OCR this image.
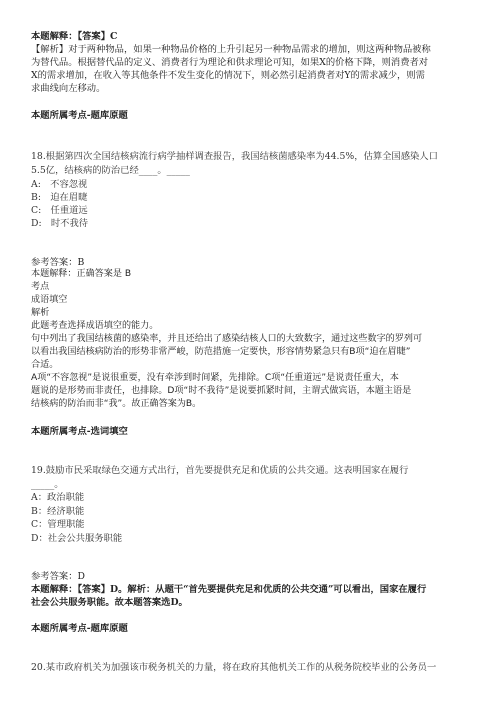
本题解释：【答案】C
【解析】对于两种物品，如果一种物品价格的上升引起另一种物品需求的增加，则这两种物品被称
为替代品。根据替代品的定义、消费者行为理论和供求理论可知，如果X的价格下降，则消费者对
X的需求增加，在收入等其他条件不发生变化的情况下，则必然引起消费者对Y的需求减少，则需
求曲线向左移动。
本题所属考点-题库原题
18.根据第四次全国结核病流行病学抽样调查报告，我国结核菌感染率为44.5%，估算全国感染人口
5.5亿，结核病的防治已经____。_____
A:　不容忽视
B:　迫在眉睫
C:　任重道远
D:　时不我待
参考答案：B
本题解释：正确答案是 B
考点
成语填空
解析
此题考查选择成语填空的能力。
句中列出了我国结核菌的感染率，并且还给出了感染结核人口的大致数字，通过这些数字的罗列可
以看出我国结核病防治的形势非常严峻，防范措施一定要快，形容情势紧急只有B项“迫在眉睫”
合适。
A项“不容忽视”是说很重要，没有牵涉到时间紧，先排除。C项“任重道远”是说责任重大，本
题说的是形势而非责任，也排除。D项“时不我待”是说要抓紧时间，主谓式做宾语，本题主语是
结核病的防治而非“我”。故正确答案为B。
本题所属考点-选词填空
19.鼓励市民采取绿色交通方式出行，首先要提供充足和优质的公共交通。这表明国家在履行
_____。
A：政治职能
B：经济职能
C：管理职能
D：社会公共服务职能
参考答案：D
本题解释：【答案】D。解析：从题干“首先要提供充足和优质的公共交通”可以看出，国家在履行
社会公共服务职能。故本题答案选D。
本题所属考点-题库原题
20.某市政府机关为加强该市税务机关的力量，将在政府其他机关工作的从税务院校毕业的公务员一
